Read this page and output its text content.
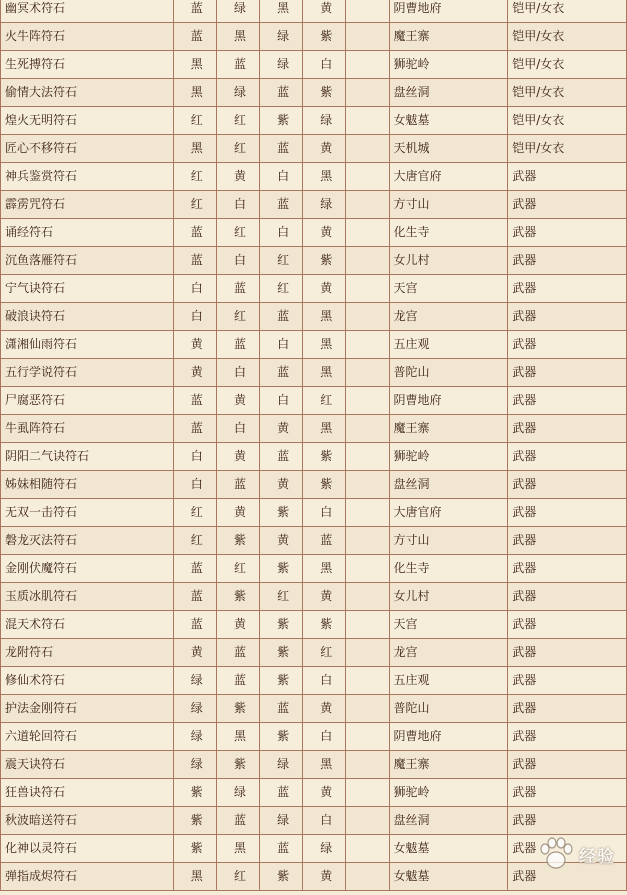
幽冥术符石	蓝	绿	黑	黄		阴曹地府	铠甲/女衣	
火牛阵符石	蓝	黑	绿	紫		魔王寨	铠甲/女衣	
生死搏符石	黑	蓝	绿	白		狮驼岭	铠甲/女衣	
偷情大法符石	黑	绿	蓝	紫		盘丝洞	铠甲/女衣	
煌火无明符石	红	红	紫	绿		女魃墓	铠甲/女衣	
匠心不移符石	黑	红	蓝	黄		天机城	铠甲/女衣	
神兵鉴赏符石	红	黄	白	黑		大唐官府	武器	
霹雳咒符石	红	白	蓝	绿		方寸山	武器	
诵经符石	蓝	红	白	黄		化生寺	武器	
沉鱼落雁符石	蓝	白	红	紫		女儿村	武器	
宁气诀符石	白	蓝	红	黄		天宫	武器	
破浪诀符石	白	红	蓝	黑		龙宫	武器	
潇湘仙雨符石	黄	蓝	白	黑		五庄观	武器	
五行学说符石	黄	白	蓝	黑		普陀山	武器	
尸腐恶符石	蓝	黄	白	红		阴曹地府	武器	
牛虱阵符石	蓝	白	黄	黑		魔王寨	武器	
阴阳二气诀符石	白	黄	蓝	紫		狮驼岭	武器	
姊妹相随符石	白	蓝	黄	紫		盘丝洞	武器	
无双一击符石	红	黄	紫	白		大唐官府	武器	
磐龙灭法符石	红	紫	黄	蓝		方寸山	武器	
金刚伏魔符石	蓝	红	紫	黑		化生寺	武器	
玉质冰肌符石	蓝	紫	红	黄		女儿村	武器	
混天术符石	蓝	黄	紫	紫		天宫	武器	
龙附符石	黄	蓝	紫	红		龙宫	武器	
修仙术符石	绿	蓝	紫	白		五庄观	武器	
护法金刚符石	绿	紫	蓝	黄		普陀山	武器	
六道轮回符石	绿	黑	紫	白		阴曹地府	武器	
震天诀符石	绿	紫	绿	黑		魔王寨	武器	
狂兽诀符石	紫	绿	蓝	黄		狮驼岭	武器	
秋波暗送符石	紫	蓝	绿	白		盘丝洞	武器	
化神以灵符石	紫	黑	蓝	绿		女魃墓	武器	
弹指成烬符石	黑	红	紫	黄		女魃墓	武器	
经验
